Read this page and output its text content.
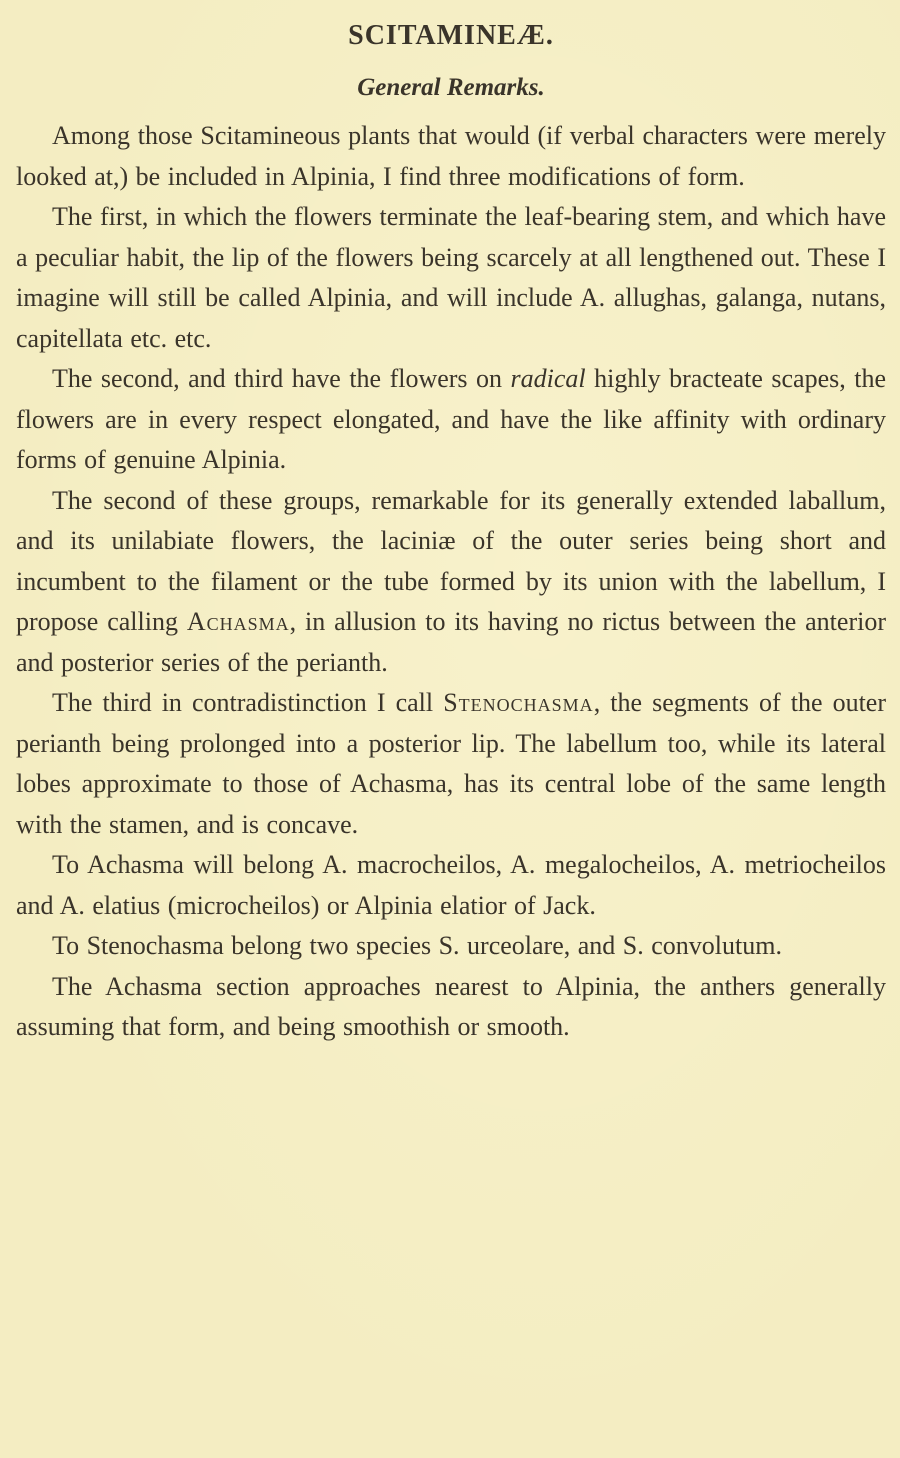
SCITAMINEÆ.
General Remarks.

Among those Scitamineous plants that would (if verbal characters were merely looked at,) be included in Alpinia, I find three modifications of form.

The first, in which the flowers terminate the leaf-bearing stem, and which have a peculiar habit, the lip of the flowers being scarcely at all lengthened out. These I imagine will still be called Alpinia, and will include A. allughas, galanga, nutans, capitellata etc. etc.

The second, and third have the flowers on radical highly bracteate scapes, the flowers are in every respect elongated, and have the like affinity with ordinary forms of genuine Alpinia.

The second of these groups, remarkable for its generally extended laballum, and its unilabiate flowers, the laciniæ of the outer series being short and incumbent to the filament or the tube formed by its union with the labellum, I propose calling Achasma, in allusion to its having no rictus between the anterior and posterior series of the perianth.

The third in contradistinction I call Stenochasma, the segments of the outer perianth being prolonged into a posterior lip. The labellum too, while its lateral lobes approximate to those of Achasma, has its central lobe of the same length with the stamen, and is concave.

To Achasma will belong A. macrocheilos, A. megalocheilos, A. metriocheilos and A. elatius (microcheilos) or Alpinia elatior of Jack.

To Stenochasma belong two species S. urceolare, and S. convolutum.

The Achasma section approaches nearest to Alpinia, the anthers generally assuming that form, and being smoothish or smooth.
